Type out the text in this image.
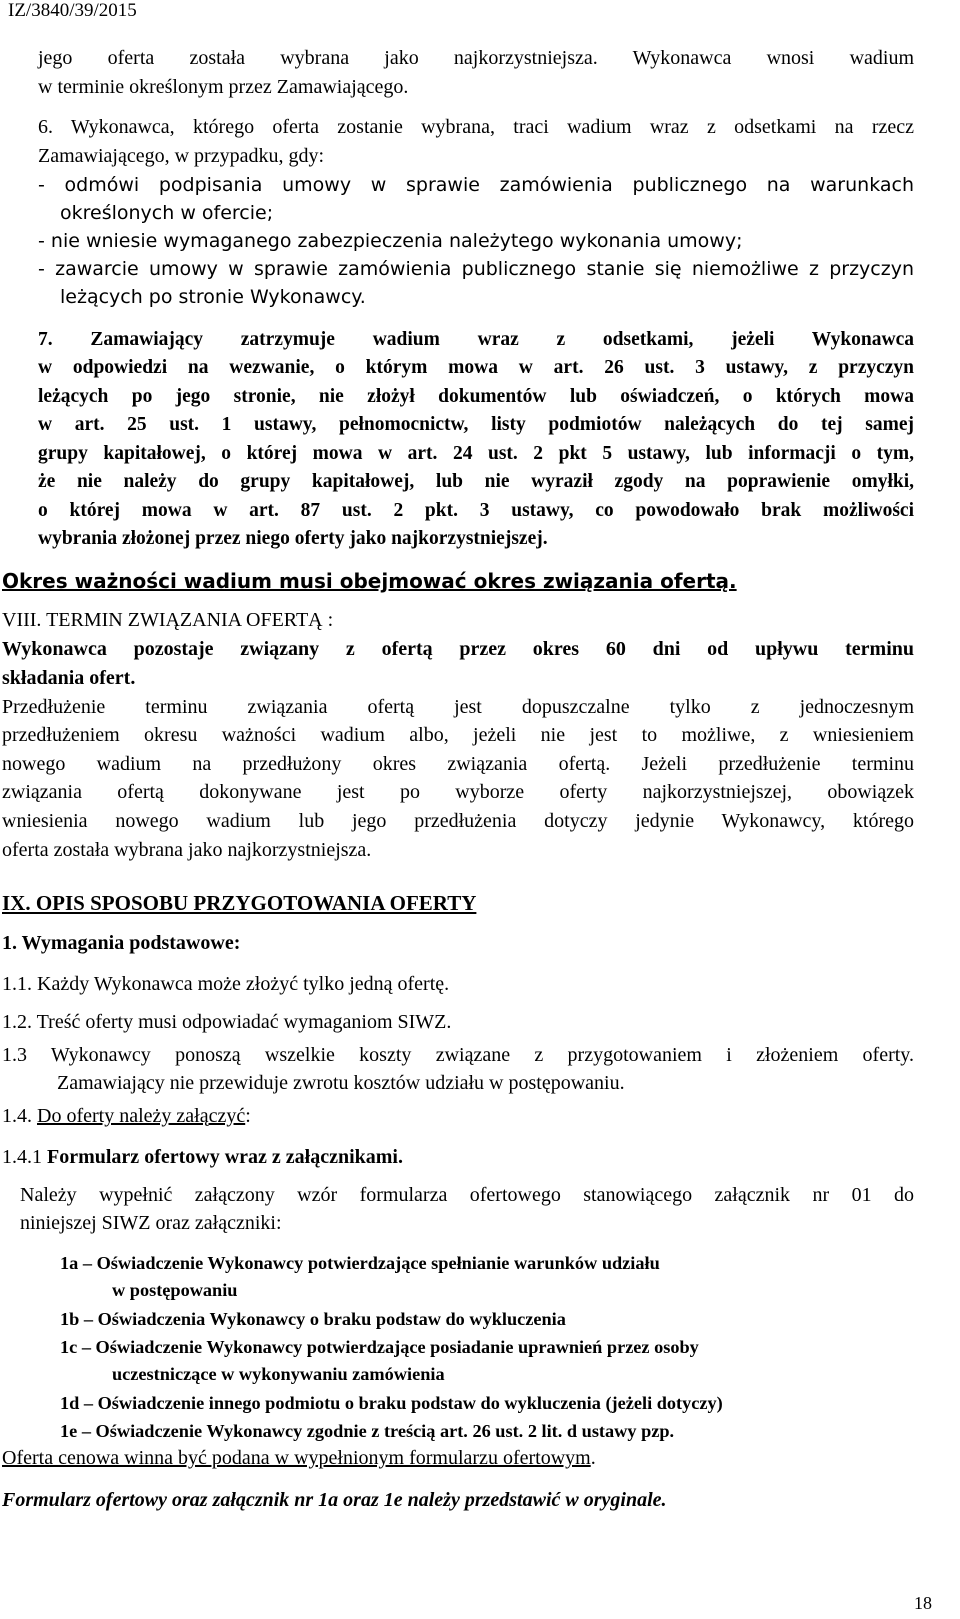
IZ/3840/39/2015
jego oferta została wybrana jako najkorzystniejsza. Wykonawca wnosi wadium
w terminie określonym przez Zamawiającego.
6. Wykonawca, którego oferta zostanie wybrana, traci wadium wraz z odsetkami na rzecz
Zamawiającego, w przypadku, gdy:
- odmówi podpisania umowy w sprawie zamówienia publicznego na warunkach
określonych w ofercie;
- nie wniesie wymaganego zabezpieczenia należytego wykonania umowy;
- zawarcie umowy w sprawie zamówienia publicznego stanie się niemożliwe z przyczyn
leżących po stronie Wykonawcy.
7. Zamawiający zatrzymuje wadium wraz z odsetkami, jeżeli Wykonawca
w odpowiedzi na wezwanie, o którym mowa w art. 26 ust. 3 ustawy, z przyczyn
leżących po jego stronie, nie złożył dokumentów lub oświadczeń, o których mowa
w art. 25 ust. 1 ustawy, pełnomocnictw, listy podmiotów należących do tej samej
grupy kapitałowej, o której mowa w art. 24 ust. 2 pkt 5 ustawy, lub informacji o tym,
że nie należy do grupy kapitałowej, lub nie wyraził zgody na poprawienie omyłki,
o której mowa w art. 87 ust. 2 pkt. 3 ustawy, co powodowało brak możliwości
wybrania złożonej przez niego oferty jako najkorzystniejszej.
Okres ważności wadium musi obejmować okres związania ofertą.
VIII. TERMIN ZWIĄZANIA OFERTĄ :
Wykonawca pozostaje związany z ofertą przez okres 60 dni od upływu terminu
składania ofert.
Przedłużenie terminu związania ofertą jest dopuszczalne tylko z jednoczesnym
przedłużeniem okresu ważności wadium albo, jeżeli nie jest to możliwe, z wniesieniem
nowego wadium na przedłużony okres związania ofertą. Jeżeli przedłużenie terminu
związania ofertą dokonywane jest po wyborze oferty najkorzystniejszej, obowiązek
wniesienia nowego wadium lub jego przedłużenia dotyczy jedynie Wykonawcy, którego
oferta została wybrana jako najkorzystniejsza.
IX. OPIS SPOSOBU PRZYGOTOWANIA OFERTY
1. Wymagania podstawowe:
1.1. Każdy Wykonawca może złożyć tylko jedną ofertę.
1.2. Treść oferty musi odpowiadać wymaganiom SIWZ.
1.3 Wykonawcy ponoszą wszelkie koszty związane z przygotowaniem i złożeniem oferty.
Zamawiający nie przewiduje zwrotu kosztów udziału w postępowaniu.
1.4. Do oferty należy załączyć:
1.4.1 Formularz ofertowy wraz z załącznikami.
Należy wypełnić załączony wzór formularza ofertowego stanowiącego załącznik nr 01 do
niniejszej SIWZ oraz załączniki:
1a – Oświadczenie Wykonawcy potwierdzające spełnianie warunków udziału
w postępowaniu
1b – Oświadczenia Wykonawcy o braku podstaw do wykluczenia
1c – Oświadczenie Wykonawcy potwierdzające posiadanie uprawnień przez osoby
uczestniczące w wykonywaniu zamówienia
1d – Oświadczenie innego podmiotu o braku podstaw do wykluczenia (jeżeli dotyczy)
1e – Oświadczenie Wykonawcy zgodnie z treścią art. 26 ust. 2 lit. d ustawy pzp.
Oferta cenowa winna być podana w wypełnionym formularzu ofertowym.
Formularz ofertowy oraz załącznik nr 1a oraz 1e należy przedstawić w oryginale.
18
